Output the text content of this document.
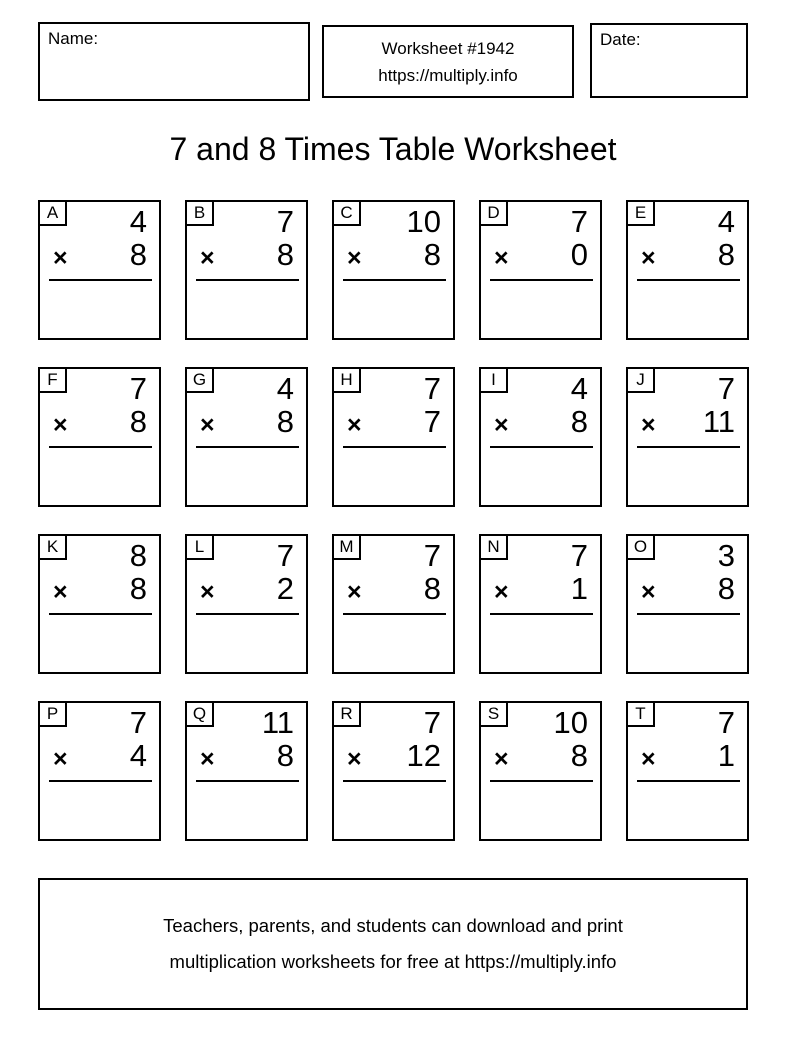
Name:	Worksheet #1942
https://multiply.info
Date:
7 and 8 Times Table Worksheet
A 4
× 8
B 7
× 8
C 10
× 8
D 7
× 0
E 4
× 8
F	7
× 8
G 4
× 8
H 7
× 7
I	4
× 8
J	7
× 11
K 8
× 8
L	7
× 2
M 7
× 8
N 7
× 1
O 3
× 8
P 7
× 4
Q 11
× 8
R 7
× 12
S 10
× 8
T	7
× 1
Teachers, parents, and students can download and print
multiplication worksheets for free at https://multiply.info
